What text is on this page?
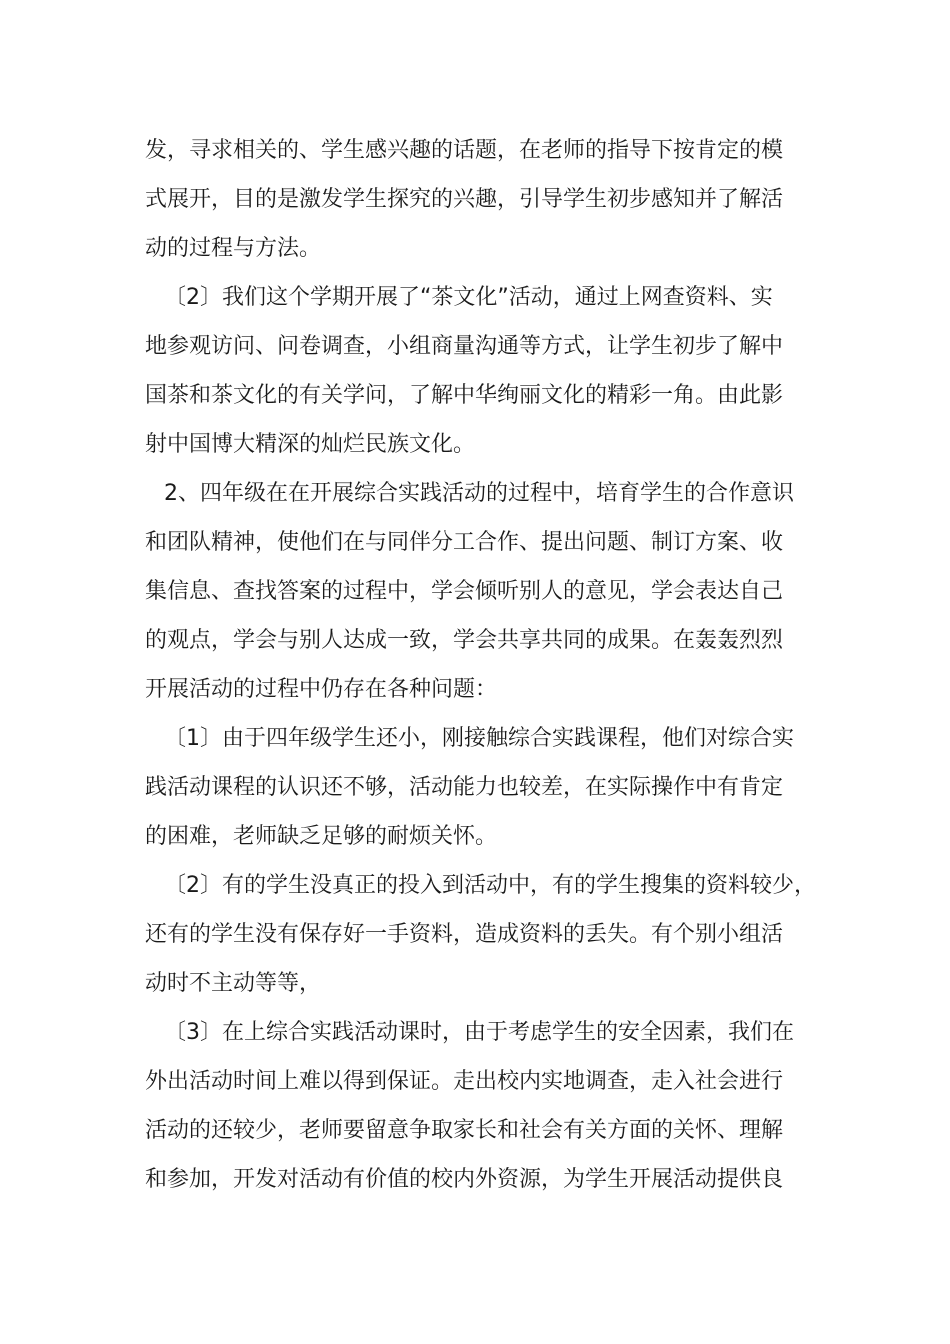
发，寻求相关的、学生感兴趣的话题，在老师的指导下按肯定的模
式展开，目的是激发学生探究的兴趣，引导学生初步感知并了解活
动的过程与方法。
〔2〕我们这个学期开展了“茶文化”活动，通过上网查资料、实
地参观访问、问卷调查，小组商量沟通等方式，让学生初步了解中
国茶和茶文化的有关学问，了解中华绚丽文化的精彩一角。由此影
射中国博大精深的灿烂民族文化。
2、四年级在在开展综合实践活动的过程中，培育学生的合作意识
和团队精神，使他们在与同伴分工合作、提出问题、制订方案、收
集信息、查找答案的过程中，学会倾听别人的意见，学会表达自己
的观点，学会与别人达成一致，学会共享共同的成果。在轰轰烈烈
开展活动的过程中仍存在各种问题：
〔1〕由于四年级学生还小，刚接触综合实践课程，他们对综合实
践活动课程的认识还不够，活动能力也较差，在实际操作中有肯定
的困难，老师缺乏足够的耐烦关怀。
〔2〕有的学生没真正的投入到活动中，有的学生搜集的资料较少，
还有的学生没有保存好一手资料，造成资料的丢失。有个别小组活
动时不主动等等，
〔3〕在上综合实践活动课时，由于考虑学生的安全因素，我们在
外出活动时间上难以得到保证。走出校内实地调查，走入社会进行
活动的还较少，老师要留意争取家长和社会有关方面的关怀、理解
和参加，开发对活动有价值的校内外资源，为学生开展活动提供良
